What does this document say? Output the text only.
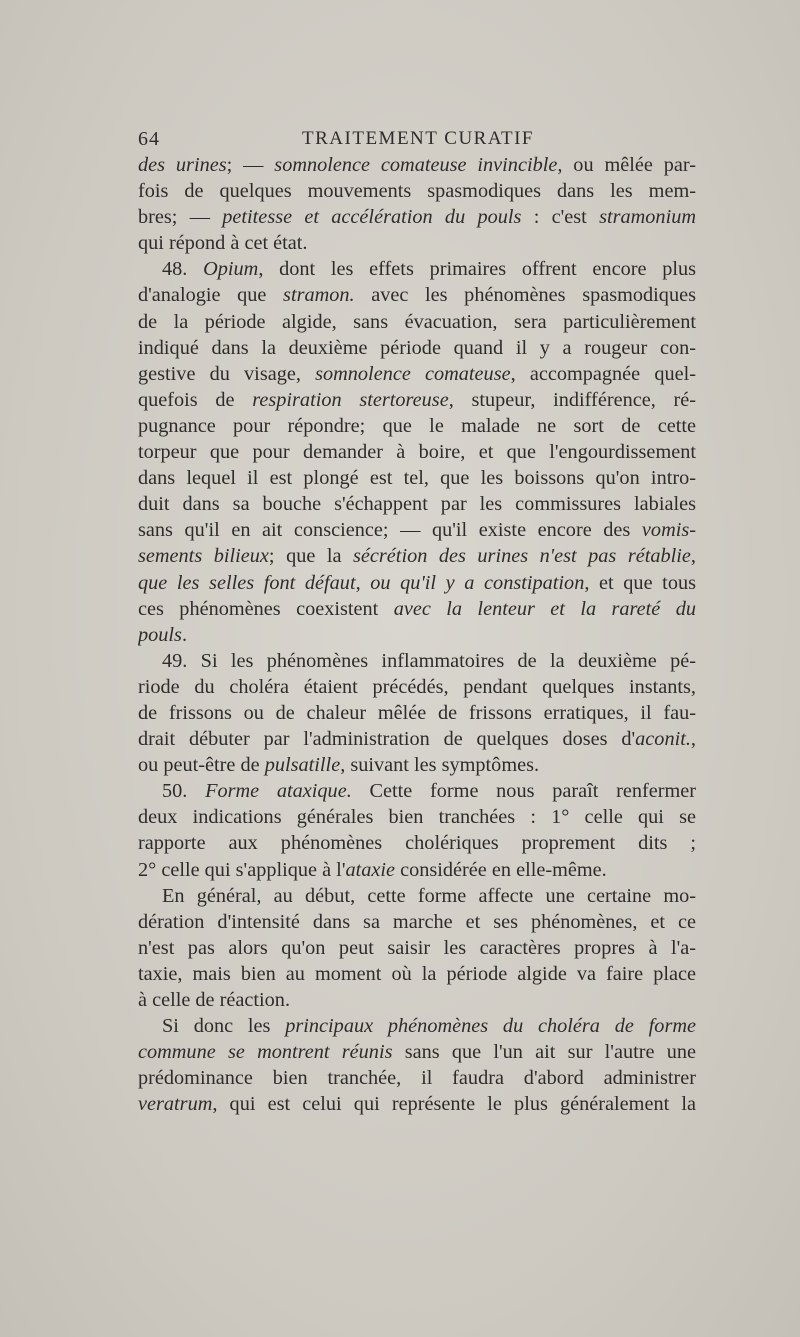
64	TRAITEMENT CURATIF
des urines; — somnolence comateuse invincible, ou mêlée par-
fois de quelques mouvements spasmodiques dans les mem-
bres; — petitesse et accélération du pouls : c'est stramonium
qui répond à cet état.
48. Opium, dont les effets primaires offrent encore plus
d'analogie que stramon. avec les phénomènes spasmodiques
de la période algide, sans évacuation, sera particulièrement
indiqué dans la deuxième période quand il y a rougeur con-
gestive du visage, somnolence comateuse, accompagnée quel-
quefois de respiration stertoreuse, stupeur, indifférence, ré-
pugnance pour répondre; que le malade ne sort de cette
torpeur que pour demander à boire, et que l'engourdissement
dans lequel il est plongé est tel, que les boissons qu'on intro-
duit dans sa bouche s'échappent par les commissures labiales
sans qu'il en ait conscience; — qu'il existe encore des vomis-
sements bilieux; que la sécrétion des urines n'est pas rétablie,
que les selles font défaut, ou qu'il y a constipation, et que tous
ces phénomènes coexistent avec la lenteur et la rareté du
pouls.
49. Si les phénomènes inflammatoires de la deuxième pé-
riode du choléra étaient précédés, pendant quelques instants,
de frissons ou de chaleur mêlée de frissons erratiques, il fau-
drait débuter par l'administration de quelques doses d'aconit.,
ou peut-être de pulsatille, suivant les symptômes.
50. Forme ataxique. Cette forme nous paraît renfermer
deux indications générales bien tranchées : 1° celle qui se
rapporte aux phénomènes cholériques proprement dits ;
2° celle qui s'applique à l'ataxie considérée en elle-même.
En général, au début, cette forme affecte une certaine mo-
dération d'intensité dans sa marche et ses phénomènes, et ce
n'est pas alors qu'on peut saisir les caractères propres à l'a-
taxie, mais bien au moment où la période algide va faire place
à celle de réaction.
Si donc les principaux phénomènes du choléra de forme
commune se montrent réunis sans que l'un ait sur l'autre une
prédominance bien tranchée, il faudra d'abord administrer
veratrum, qui est celui qui représente le plus généralement la
